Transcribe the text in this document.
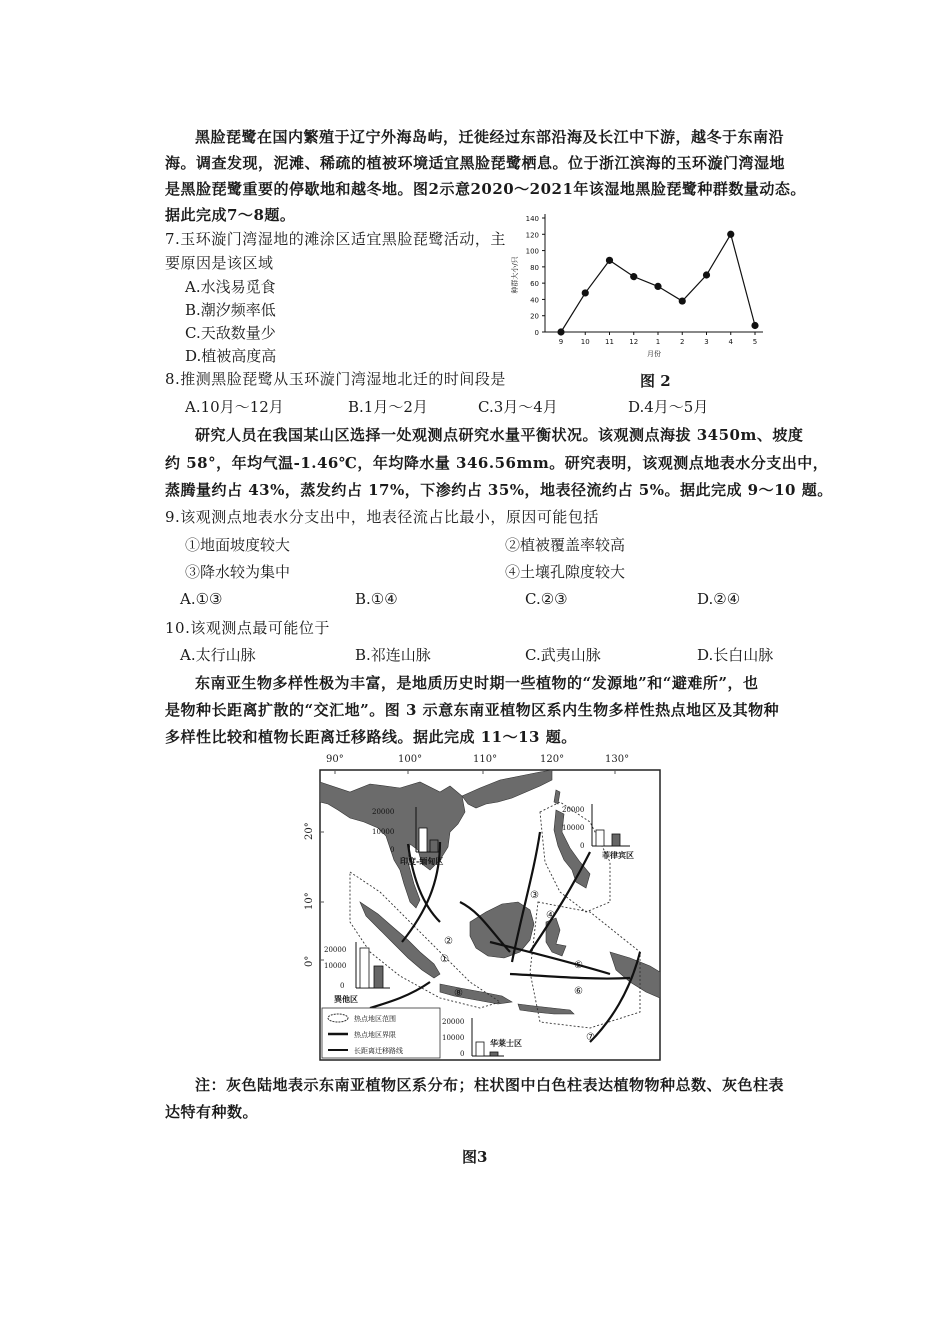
黑脸琵鹭在国内繁殖于辽宁外海岛屿，迁徙经过东部沿海及长江中下游，越冬于东南沿
海。调查发现，泥滩、稀疏的植被环境适宜黑脸琵鹭栖息。位于浙江滨海的玉环漩门湾湿地
是黑脸琵鹭重要的停歇地和越冬地。图2示意2020～2021年该湿地黑脸琵鹭种群数量动态。
据此完成7～8题。
7.玉环漩门湾湿地的滩涂区适宜黑脸琵鹭活动，主
要原因是该区域
A.水浅易觅食
B.潮汐频率低
C.天敌数量少
D.植被高度高
0
20
40
60
80
100
120
140
9	10 11 12	1	2	3	4	5
月份
种群大小/只
图 2
8.推测黑脸琵鹭从玉环漩门湾湿地北迁的时间段是
A.10月～12月	B.1月～2月	C.3月～4月	D.4月～5月
研究人员在我国某山区选择一处观测点研究水量平衡状况。该观测点海拔 3450m、坡度
约 58°，年均气温-1.46℃，年均降水量 346.56mm。研究表明，该观测点地表水分支出中，
蒸腾量约占 43%，蒸发约占 17%，下渗约占 35%，地表径流约占 5%。据此完成 9～10 题。
9.该观测点地表水分支出中，地表径流占比最小，原因可能包括
①地面坡度较大	②植被覆盖率较高
③降水较为集中	④土壤孔隙度较大
A.①③	B.①④	C.②③	D.②④
10.该观测点最可能位于
A.太行山脉	B.祁连山脉	C.武夷山脉	D.长白山脉
东南亚生物多样性极为丰富，是地质历史时期一些植物的“发源地”和“避难所”，也
是物种长距离扩散的“交汇地”。图 3 示意东南亚植物区系内生物多样性热点地区及其物种
多样性比较和植物长距离迁移路线。据此完成 11～13 题。
90°	100°	110°	120°	130°
20°
10°
0°	①
②
③
④
⑤
⑥
⑦
⑧
20000
10000
0
印度-缅甸区
20000
10000
0
菲律宾区
20000
10000
0
巽他区
20000
10000
0
华莱士区
热点地区范围
热点地区界限
长距离迁移路线
注：灰色陆地表示东南亚植物区系分布；柱状图中白色柱表达植物物种总数、灰色柱表
达特有种数。
图3
